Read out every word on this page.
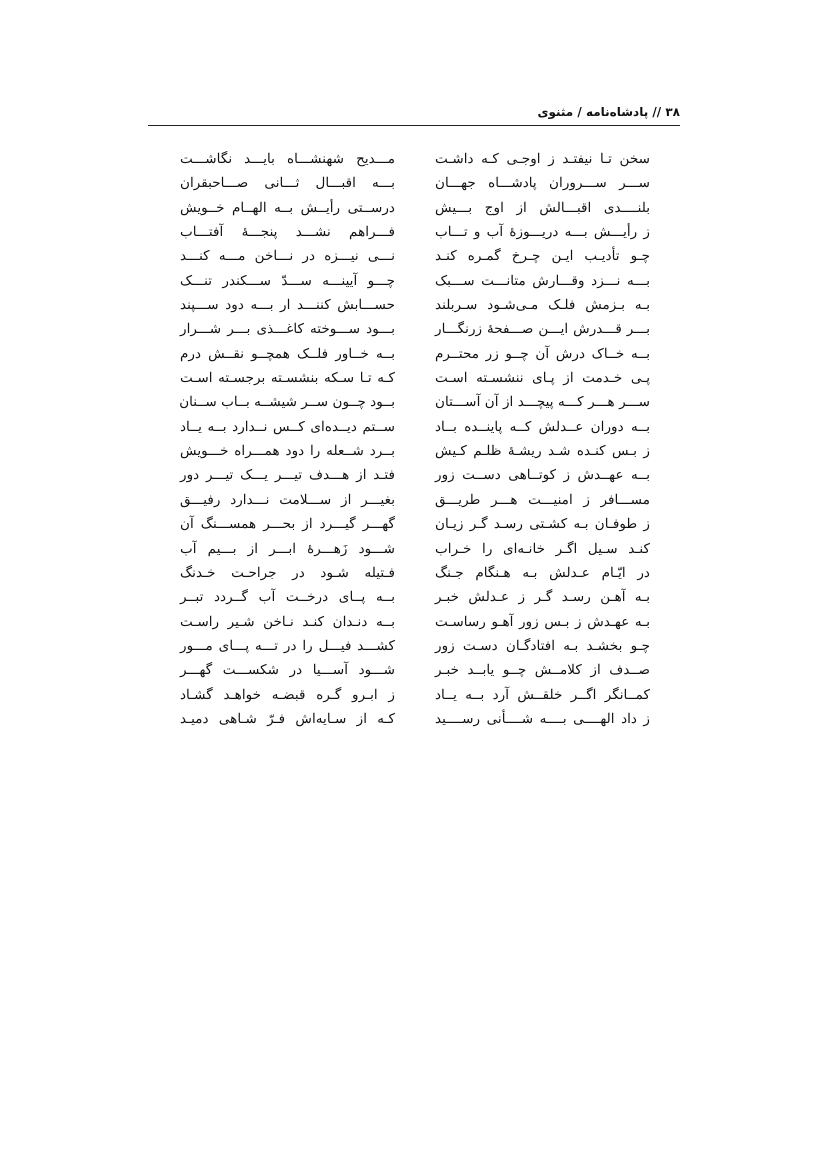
۳۸ // پادشاه‌نامه / مثنوی
سخن تـا نیفتـد ز اوجـی کـه داشـت
مـــدیح شهنشـــاه بایـــد نگاشـــت
ســـر ســـروران پادشـــاه جهـــان
بـــه اقبـــال ثـــانی صـــاحبقران
بلنــــدی اقبـــالش از اوج بـــیش
درســتی رأیــش بــه الهــام خــویش
ز رأیـــش بـــه دریـــوزهٔ آب و تـــاب
فـــراهم نشـــد پنجـــهٔ آفتـــاب
چـو تأدیـب ایـن چـرخ گمـره کنـد
نـــی نیـــزه در نـــاخن مـــه کنـــد
بـــه نـــزد وقـــارش متانـــت ســـبک
چـــو آیینـــه ســـدّ ســـکندر تنـــک
بـه بـزمش فلـک مـی‌شـود سـربلند
حســـابش کننـــد ار بـــه دود ســـپند
بـــر قـــدرش ایـــن صـــفحهٔ زرنگـــار
بـــود ســـوخته کاغـــذی بـــر شـــرار
بــه خــاک درش آن چــو زر محتــرم
بــه خــاور فلــک همچــو نقــش درم
پـی خـدمت از پـای ننشسـته اسـت
کـه تـا سـکه بنشسـته برجسـته اسـت
ســـر هـــر کـــه پیچـــد از آن آســـتان
بــود چــون ســر شیشــه بــاب ســنان
بــه دوران عــدلش کــه پاینــده بــاد
ســتم دیــده‌ای کــس نــدارد بــه یــاد
ز بـس کنـده شـد ریشـهٔ ظلـم کـیش
بــرد شــعله را دود همـــراه خـــویش
بــه عهــدش ز کوتــاهی دســت زور
فتـد از هـــدف تیـــر یـــک تیـــر دور
مســـافر ز امنیـــت هـــر طریـــق
بغیـــر از ســـلامت نـــدارد رفیـــق
ز طوفـان بـه کشـتی رسـد گـر زیـان
گهـــر گیـــرد از بحـــر همســـنگ آن
کنـد سـیل اگـر خانـه‌ای را خـراب
شـــود زَهـــرهٔ ابـــر از بـــیم آب
در ایّـام عـدلش بـه هـنگام جـنگ
فـتیله شـود در جراحـت خـدنگ
بـه آهـن رسـد گـر ز عـدلش خبـر
بــه پــای درخــت آب گــردد تبــر
بـه عهـدش ز بـس زور آهـو رساسـت
بــه دنـدان کنـد نـاخن شـیر راسـت
چـو بخشـد بـه افتادگـان دسـت زور
کشـــد فیـــل را در تـــه پـــای مـــور
صــدف از کلامــش چــو یابــد خبـر
شـــود آســـیا در شکســـت گهـــر
کمــانگر اگــر خلقــش آرد بــه یــاد
ز ابـرو گـره قبضـه خواهـد گشـاد
ز داد الهــــی بــــه شــــأنی رســــید
کـه از سـایه‌اش فـرّ شـاهی دمیـد
